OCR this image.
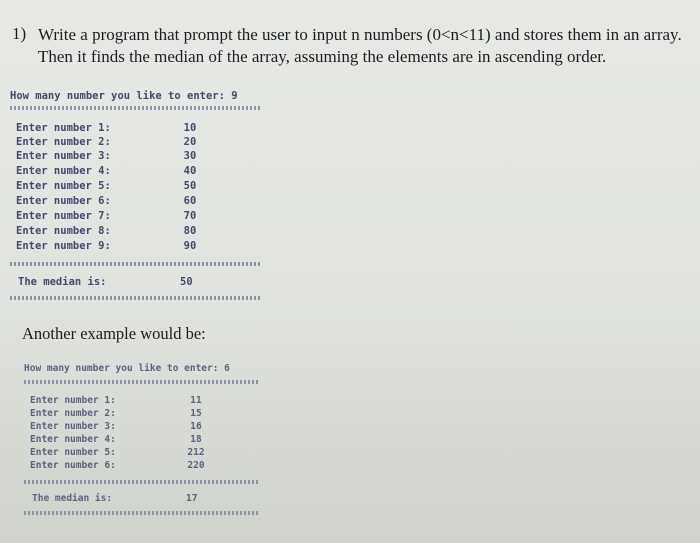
1) Write a program that prompt the user to input n numbers (0<n<11) and stores them in an array. Then it finds the median of the array, assuming the elements are in ascending order.
How many number you like to enter: 9
Enter number 1:	10
Enter number 2:	20
Enter number 3:	30
Enter number 4:	40
Enter number 5:	50
Enter number 6:	60
Enter number 7:	70
Enter number 8:	80
Enter number 9:	90
The median is:	50
Another example would be:
How many number you like to enter: 6
Enter number 1:	11
Enter number 2:	15
Enter number 3:	16
Enter number 4:	18
Enter number 5:	212
Enter number 6:	220
The median is:	17
